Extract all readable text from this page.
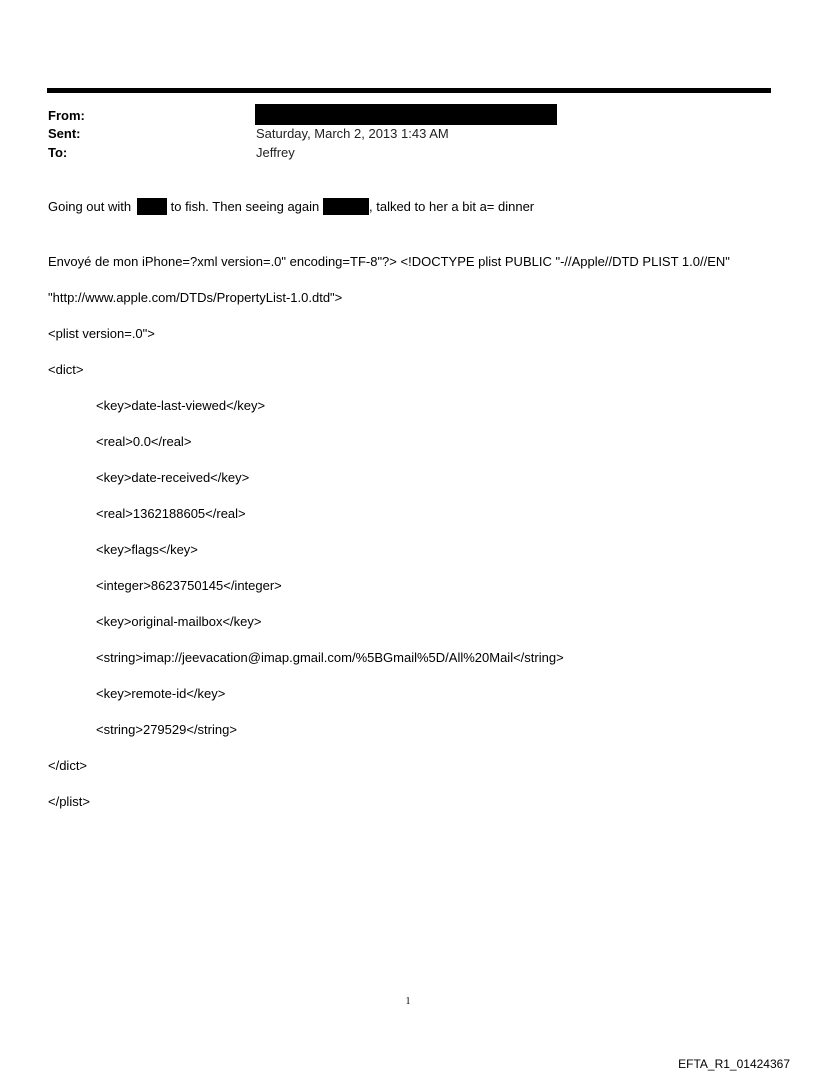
From:
Sent:	Saturday, March 2, 2013 1:43 AM
To:	Jeffrey
Going out with	to fish. Then seeing again	, talked to her a bit a= dinner

Envoyé de mon iPhone=?xml version=.0" encoding=TF-8"?> <!DOCTYPE plist PUBLIC "-//Apple//DTD PLIST 1.0//EN"

"http://www.apple.com/DTDs/PropertyList-1.0.dtd">

<plist version=.0">

<dict>

<key>date-last-viewed</key>

<real>0.0</real>

<key>date-received</key>

<real>1362188605</real>

<key>flags</key>

<integer>8623750145</integer>

<key>original-mailbox</key>

<string>imap://jeevacation@imap.gmail.com/%5BGmail%5D/All%20Mail</string>

<key>remote-id</key>

<string>279529</string>

</dict>

</plist>

1
EFTA_R1_01424367
